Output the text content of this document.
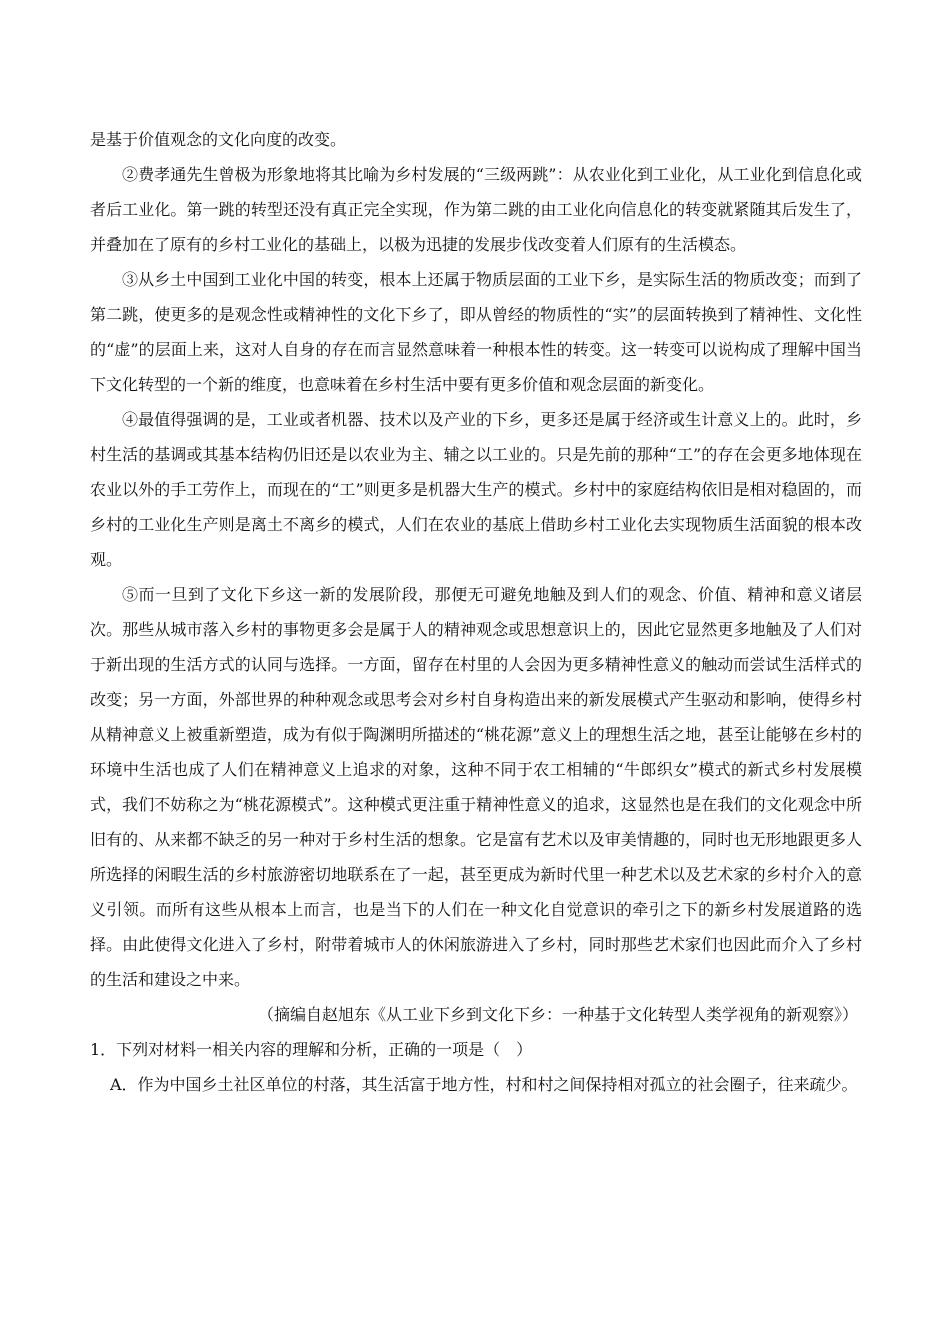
是基于价值观念的文化向度的改变。

②费孝通先生曾极为形象地将其比喻为乡村发展的“三级两跳”：从农业化到工业化，从工业化到信息化或者后工业化。第一跳的转型还没有真正完全实现，作为第二跳的由工业化向信息化的转变就紧随其后发生了，并叠加在了原有的乡村工业化的基础上，以极为迅捷的发展步伐改变着人们原有的生活模态。

③从乡土中国到工业化中国的转变，根本上还属于物质层面的工业下乡，是实际生活的物质改变；而到了第二跳，使更多的是观念性或精神性的文化下乡了，即从曾经的物质性的“实”的层面转换到了精神性、文化性的“虚”的层面上来，这对人自身的存在而言显然意味着一种根本性的转变。这一转变可以说构成了理解中国当下文化转型的一个新的维度，也意味着在乡村生活中要有更多价值和观念层面的新变化。

④最值得强调的是，工业或者机器、技术以及产业的下乡，更多还是属于经济或生计意义上的。此时，乡村生活的基调或其基本结构仍旧还是以农业为主、辅之以工业的。只是先前的那种“工”的存在会更多地体现在农业以外的手工劳作上，而现在的“工”则更多是机器大生产的模式。乡村中的家庭结构依旧是相对稳固的，而乡村的工业化生产则是离土不离乡的模式，人们在农业的基底上借助乡村工业化去实现物质生活面貌的根本改观。

⑤而一旦到了文化下乡这一新的发展阶段，那便无可避免地触及到人们的观念、价值、精神和意义诸层次。那些从城市落入乡村的事物更多会是属于人的精神观念或思想意识上的，因此它显然更多地触及了人们对于新出现的生活方式的认同与选择。一方面，留存在村里的人会因为更多精神性意义的触动而尝试生活样式的改变；另一方面，外部世界的种种观念或思考会对乡村自身构造出来的新发展模式产生驱动和影响，使得乡村从精神意义上被重新塑造，成为有似于陶渊明所描述的“桃花源”意义上的理想生活之地，甚至让能够在乡村的环境中生活也成了人们在精神意义上追求的对象，这种不同于农工相辅的“牛郎织女”模式的新式乡村发展模式，我们不妨称之为“桃花源模式”。这种模式更注重于精神性意义的追求，这显然也是在我们的文化观念中所旧有的、从来都不缺乏的另一种对于乡村生活的想象。它是富有艺术以及审美情趣的，同时也无形地跟更多人所选择的闲暇生活的乡村旅游密切地联系在了一起，甚至更成为新时代里一种艺术以及艺术家的乡村介入的意义引领。而所有这些从根本上而言，也是当下的人们在一种文化自觉意识的牵引之下的新乡村发展道路的选择。由此使得文化进入了乡村，附带着城市人的休闲旅游进入了乡村，同时那些艺术家们也因此而介入了乡村的生活和建设之中来。

（摘编自赵旭东《从工业下乡到文化下乡：一种基于文化转型人类学视角的新观察》）

1．下列对材料一相关内容的理解和分析，正确的一项是（　）

A．作为中国乡土社区单位的村落，其生活富于地方性，村和村之间保持相对孤立的社会圈子，往来疏少。
